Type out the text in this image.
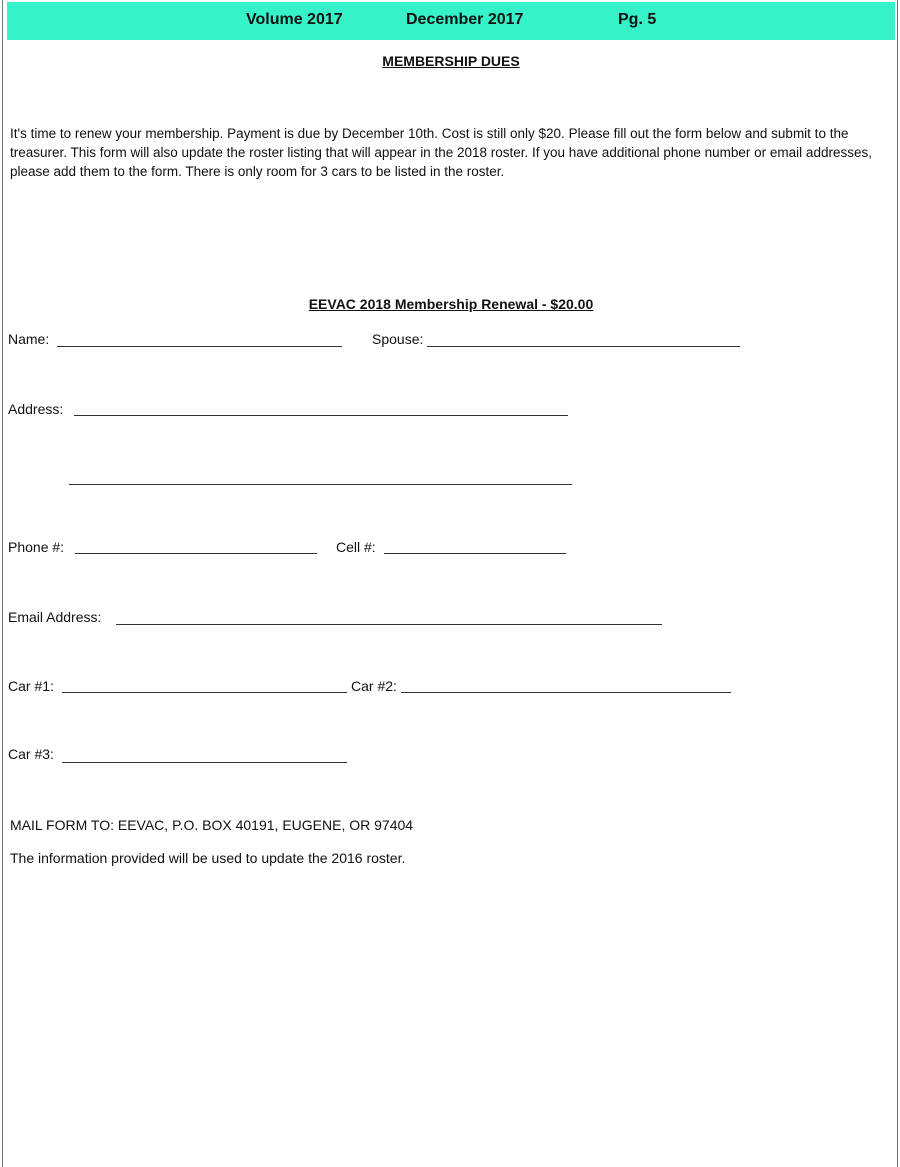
Volume 2017	December 2017	Pg. 5
MEMBERSHIP DUES
It's time to renew your membership. Payment is due by December 10th. Cost is still only $20. Please fill out the form below and submit to the treasurer. This form will also update the roster listing that will appear in the 2018 roster. If you have additional phone number or email addresses, please add them to the form. There is only room for 3 cars to be listed in the roster.
EEVAC 2018 Membership Renewal - $20.00
Name:	Spouse:
Address:
Phone #:	Cell #:
Email Address:
Car #1:	Car #2:
Car #3:
MAIL FORM TO: EEVAC, P.O. BOX 40191, EUGENE, OR 97404
The information provided will be used to update the 2016 roster.
